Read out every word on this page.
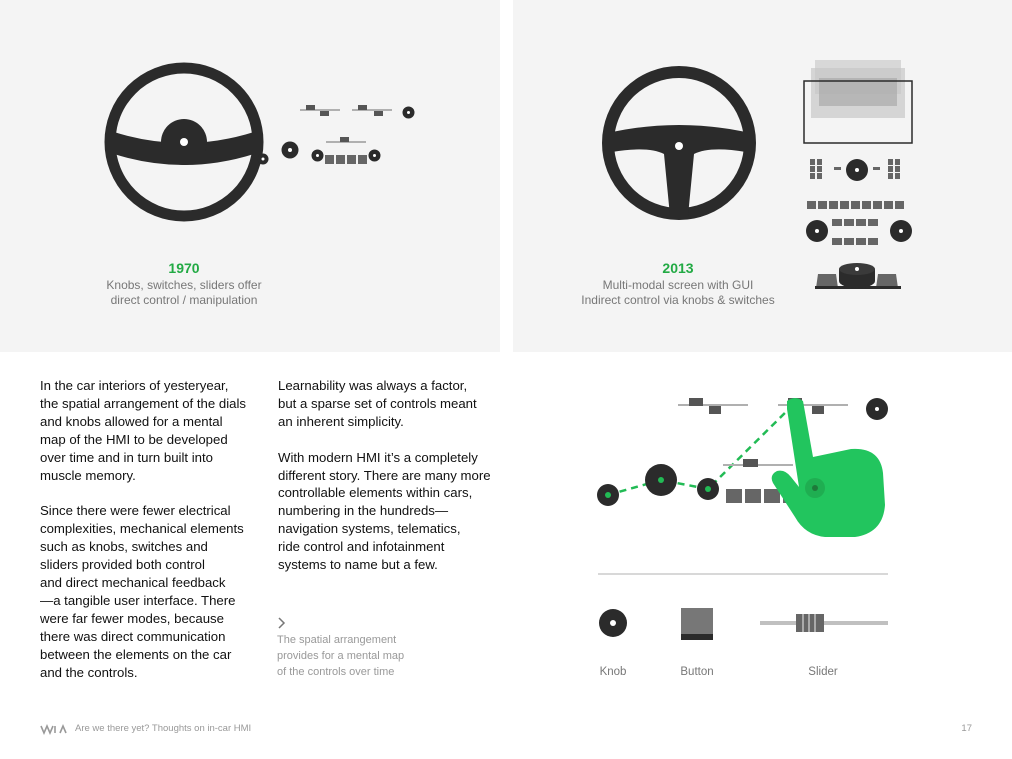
1970
Knobs, switches, sliders offer
direct control / manipulation
2013
Multi-modal screen with GUI
Indirect control via knobs & switches
In the car interiors of yesteryear,
the spatial arrangement of the dials
and knobs allowed for a mental
map of the HMI to be developed
over time and in turn built into
muscle memory.

Since there were fewer electrical
complexities, mechanical elements
such as knobs, switches and
sliders provided both control
and direct mechanical feedback
—a tangible user interface. There
were far fewer modes, because
there was direct communication
between the elements on the car
and the controls.
Learnability was always a factor,
but a sparse set of controls meant
an inherent simplicity.

With modern HMI it’s a completely
different story. There are many more
controllable elements within cars,
numbering in the hundreds—
navigation systems, telematics,
ride control and infotainment
systems to name but a few.
The spatial arrangement
provides for a mental map
of the controls over time	Knob	Button	Slider
Are we there yet? Thoughts on in-car HMI	17
